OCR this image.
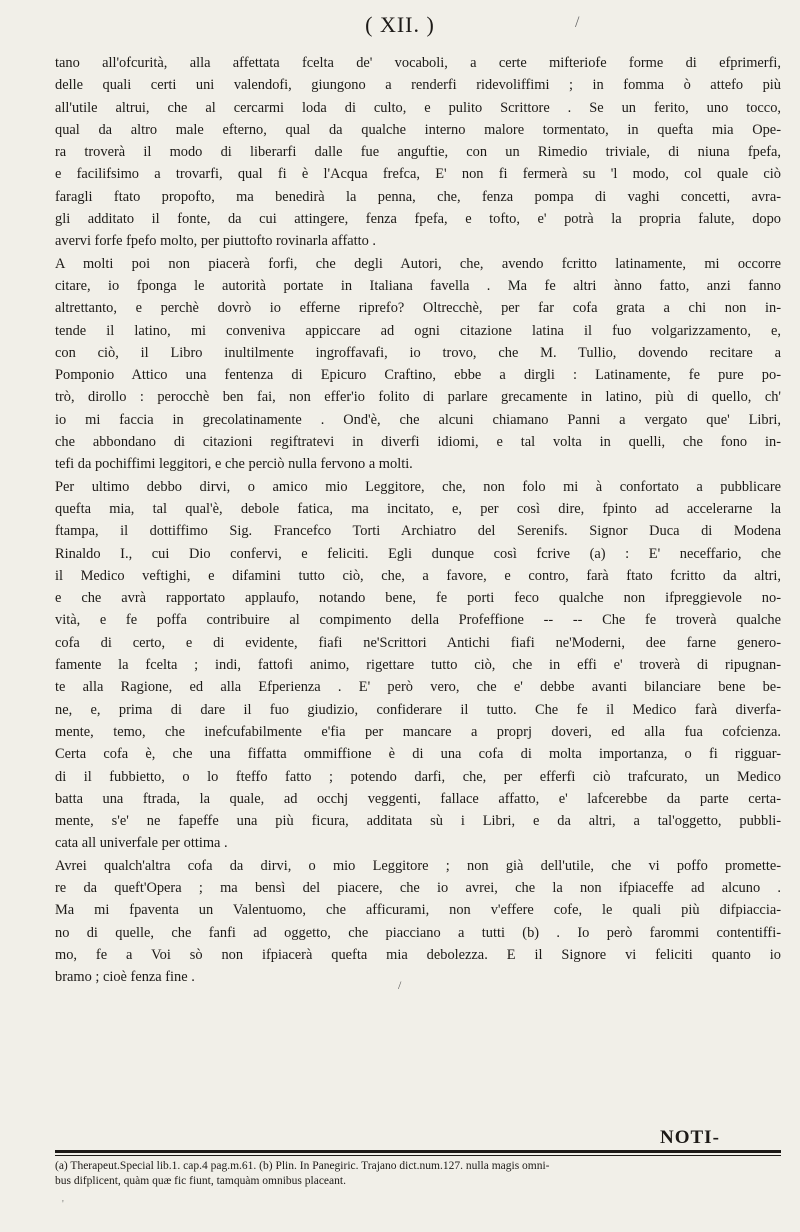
( XII. )	/
tano all'ofcurità, alla affettata fcelta de' vocaboli, a certe mifteriofe forme di efprimerfi,
delle quali certi uni valendofi, giungono a renderfi ridevoliffimi ; in fomma ò attefo più
all'utile altrui, che al cercarmi loda di culto, e pulito Scrittore . Se un ferito, uno tocco,
qual da altro male efterno, qual da qualche interno malore tormentato, in quefta mia Ope-
ra troverà il modo di liberarfi dalle fue anguftie, con un Rimedio triviale, di niuna fpefa,
e facilifsimo a trovarfi, qual fi è l'Acqua frefca, E' non fi fermerà su 'l modo, col quale ciò
faragli ftato propofto, ma benedirà la penna, che, fenza pompa di vaghi concetti, avra-
gli additato il fonte, da cui attingere, fenza fpefa, e tofto, e' potrà la propria falute, dopo
avervi forfe fpefo molto, per piuttofto rovinarla affatto .
A molti poi non piacerà forfi, che degli Autori, che, avendo fcritto latinamente, mi occorre
citare, io fponga le autorità portate in Italiana favella . Ma fe altri ànno fatto, anzi fanno
altrettanto, e perchè dovrò io efferne riprefo? Oltrecchè, per far cofa grata a chi non in-
tende il latino, mi conveniva appiccare ad ogni citazione latina il fuo volgarizzamento, e,
con ciò, il Libro inultilmente ingroffavafi, io trovo, che M. Tullio, dovendo recitare a
Pomponio Attico una fentenza di Epicuro Craftino, ebbe a dirgli : Latinamente, fe pure po-
trò, dirollo : perocchè ben fai, non effer'io folito di parlare grecamente in latino, più di quello, ch'
io mi faccia in grecolatinamente . Ond'è, che alcuni chiamano Panni a vergato que' Libri,
che abbondano di citazioni regiftratevi in diverfi idiomi, e tal volta in quelli, che fono in-
tefi da pochiffimi leggitori, e che perciò nulla fervono a molti.
Per ultimo debbo dirvi, o amico mio Leggitore, che, non folo mi à confortato a pubblicare
quefta mia, tal qual'è, debole fatica, ma incitato, e, per così dire, fpinto ad accelerarne la
ftampa, il dottiffimo Sig. Francefco Torti Archiatro del Serenifs. Signor Duca di Modena
Rinaldo I., cui Dio confervi, e feliciti. Egli dunque così fcrive (a) : E' neceffario, che
il Medico veftighi, e difamini tutto ciò, che, a favore, e contro, farà ftato fcritto da altri,
e che avrà rapportato applaufo, notando bene, fe porti feco qualche non ifpreggievole no-
vità, e fe poffa contribuire al compimento della Profeffione -- -- Che fe troverà qualche
cofa di certo, e di evidente, fiafi ne'Scrittori Antichi fiafi ne'Moderni, dee farne genero-
famente la fcelta ; indi, fattofi animo, rigettare tutto ciò, che in effi e' troverà di ripugnan-
te alla Ragione, ed alla Efperienza . E' però vero, che e' debbe avanti bilanciare bene be-
ne, e, prima di dare il fuo giudizio, confiderare il tutto. Che fe il Medico farà diverfa-
mente, temo, che inefcufabilmente e'fia per mancare a proprj doveri, ed alla fua cofcienza.
Certa cofa è, che una fiffatta ommiffione è di una cofa di molta importanza, o fi rigguar-
di il fubbietto, o lo fteffo fatto ; potendo darfi, che, per efferfi ciò trafcurato, un Medico
batta una ftrada, la quale, ad occhj veggenti, fallace affatto, e' lafcerebbe da parte certa-
mente, s'e' ne fapeffe una più ficura, additata sù i Libri, e da altri, a tal'oggetto, pubbli-
cata all univerfale per ottima .
Avrei qualch'altra cofa da dirvi, o mio Leggitore ; non già dell'utile, che vi poffo promette-
re da queft'Opera ; ma bensì del piacere, che io avrei, che la non ifpiaceffe ad alcuno .
Ma mi fpaventa un Valentuomo, che afficurami, non v'effere cofe, le quali più difpiaccia-
no di quelle, che fanfi ad oggetto, che piacciano a tutti (b) . Io però farommi contentiffi-
mo, fe a Voi sò non ifpiacerà quefta mia debolezza. E il Signore vi feliciti quanto io
bramo ; cioè fenza fine .	/
NOTI-
(a) Therapeut.Special lib.1. cap.4 pag.m.61. (b) Plin. In Panegiric. Trajano dict.num.127. nulla magis omni-
bus difplicent, quàm quæ fic fiunt, tamquàm omnibus placeant.
'
